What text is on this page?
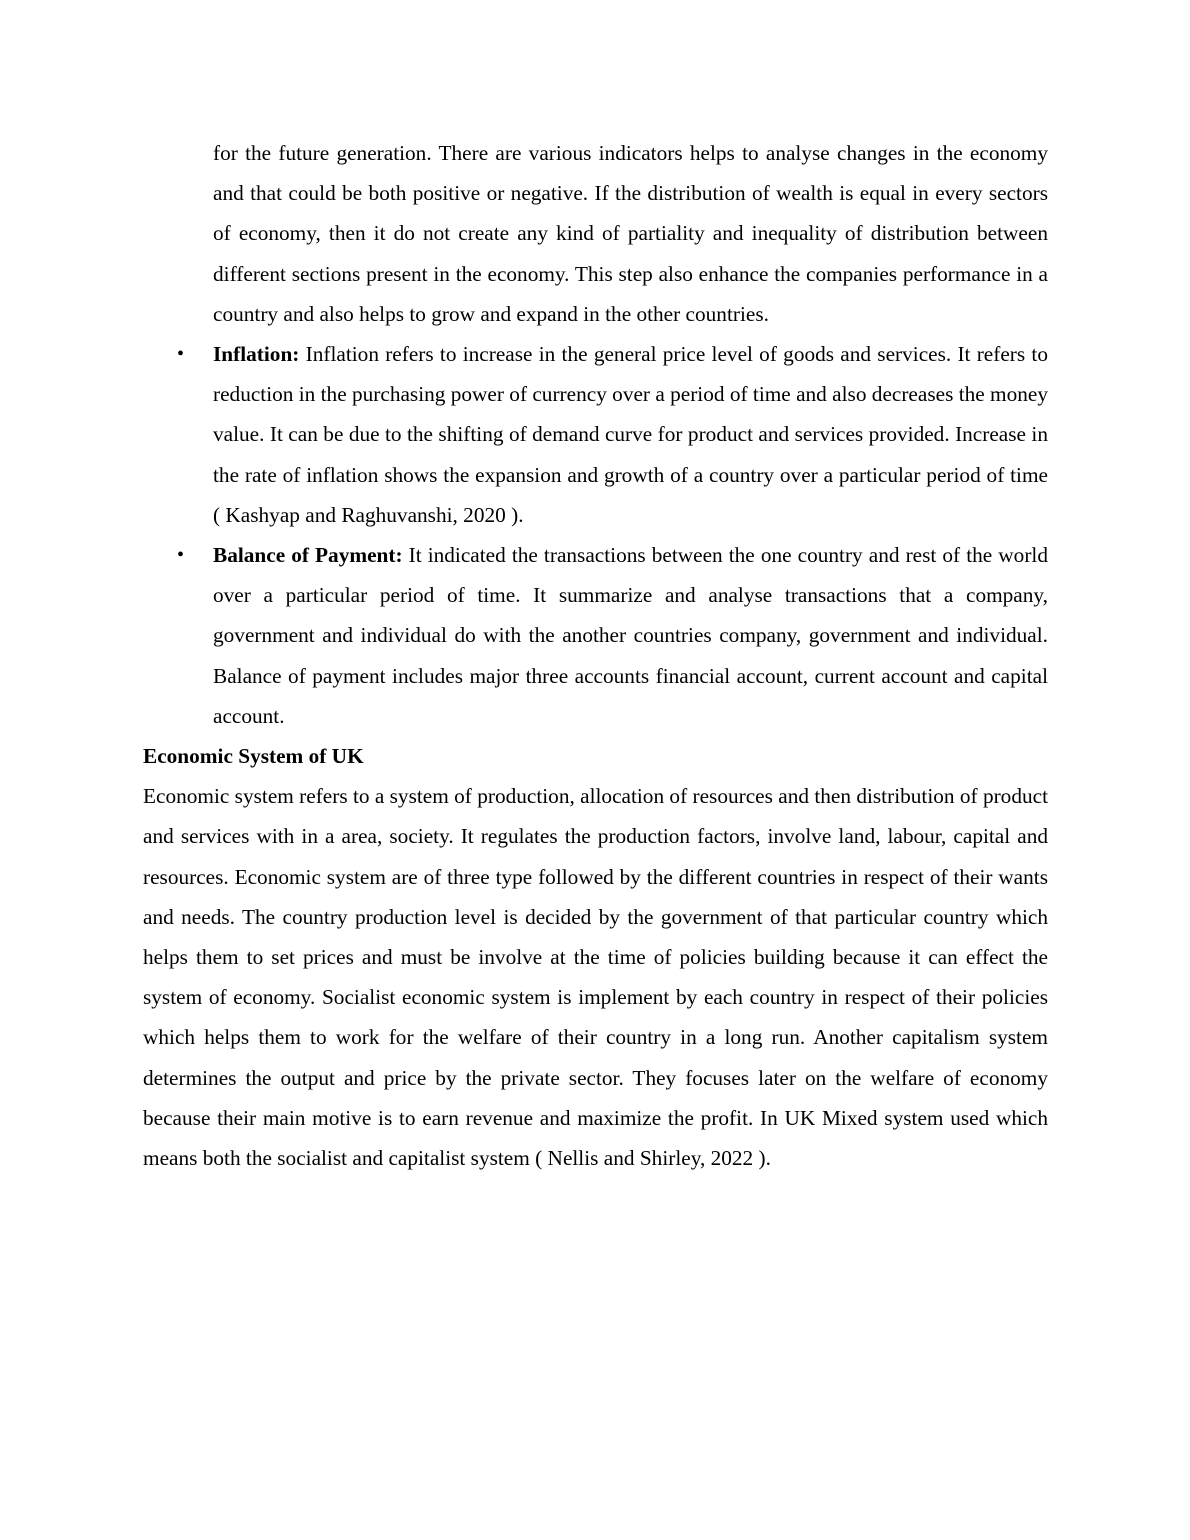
for the future generation. There are various indicators helps to analyse changes in the economy and that could be both positive or negative. If the distribution of wealth is equal in every sectors of economy, then it do not create any kind of partiality and inequality of distribution between different sections present in the economy. This step also enhance the companies performance in a country and also helps to grow and expand in the other countries.

• Inflation: Inflation refers to increase in the general price level of goods and services. It refers to reduction in the purchasing power of currency over a period of time and also decreases the money value. It can be due to the shifting of demand curve for product and services provided. Increase in the rate of inflation shows the expansion and growth of a country over a particular period of time ( Kashyap and Raghuvanshi, 2020 ).
• Balance of Payment: It indicated the transactions between the one country and rest of the world over a particular period of time. It summarize and analyse transactions that a company, government and individual do with the another countries company, government and individual. Balance of payment includes major three accounts financial account, current account and capital account.
Economic System of UK

Economic system refers to a system of production, allocation of resources and then distribution of product and services with in a area, society. It regulates the production factors, involve land, labour, capital and resources. Economic system are of three type followed by the different countries in respect of their wants and needs. The country production level is decided by the government of that particular country which helps them to set prices and must be involve at the time of policies building because it can effect the system of economy. Socialist economic system is implement by each country in respect of their policies which helps them to work for the welfare of their country in a long run. Another capitalism system determines the output and price by the private sector. They focuses later on the welfare of economy because their main motive is to earn revenue and maximize the profit. In UK Mixed system used which means both the socialist and capitalist system ( Nellis and Shirley, 2022 ).
